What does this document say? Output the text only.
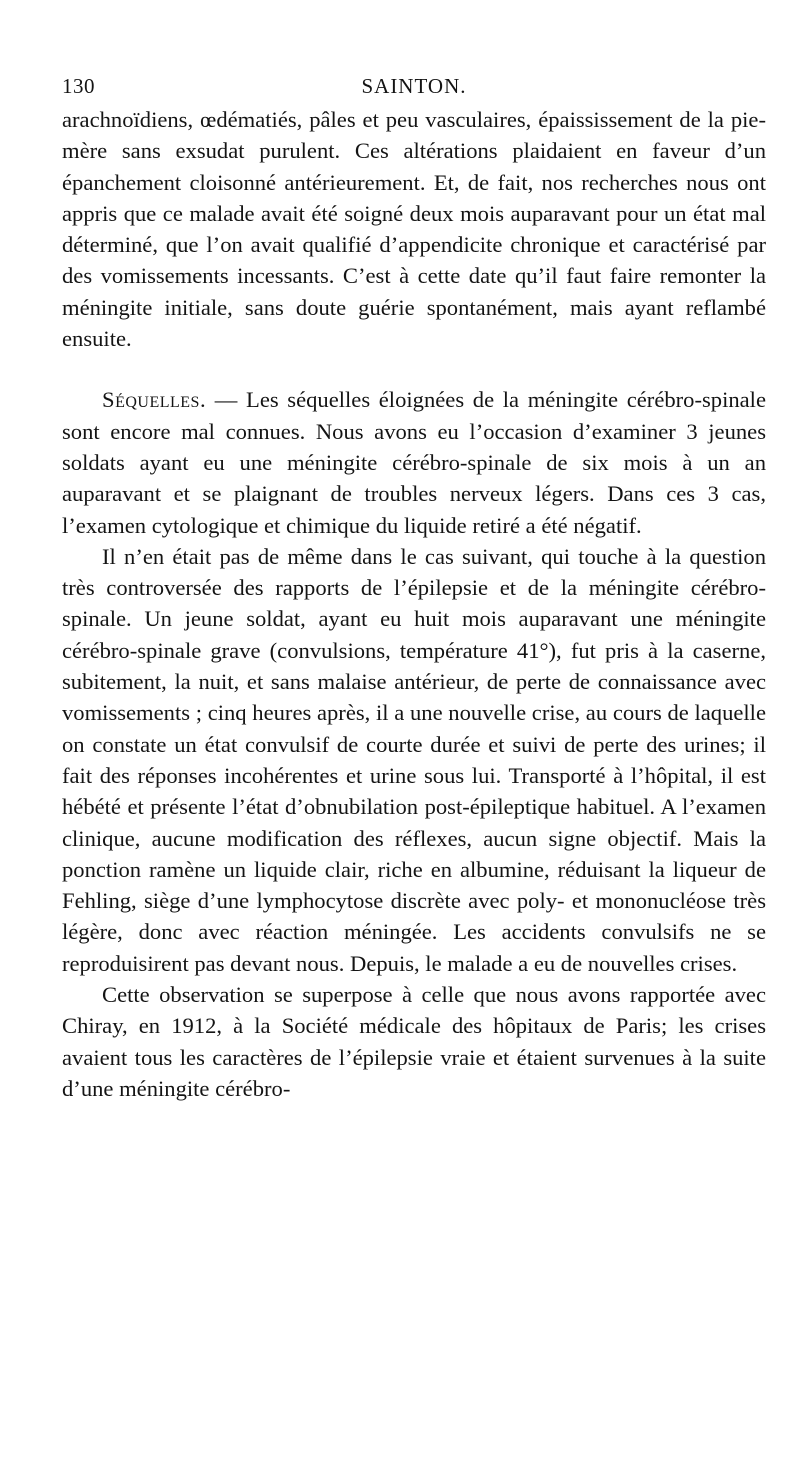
130	SAINTON.

arachnoïdiens, œdématiés, pâles et peu vasculaires, épaississement de la pie-mère sans exsudat purulent. Ces altérations plaidaient en faveur d’un épanchement cloisonné antérieurement. Et, de fait, nos recherches nous ont appris que ce malade avait été soigné deux mois auparavant pour un état mal déterminé, que l’on avait qualifié d’appendicite chronique et caractérisé par des vomissements incessants. C’est à cette date qu’il faut faire remonter la méningite initiale, sans doute guérie spontanément, mais ayant reflambé ensuite.

Séquelles. — Les séquelles éloignées de la méningite cérébro-spinale sont encore mal connues. Nous avons eu l’occasion d’examiner 3 jeunes soldats ayant eu une méningite cérébro-spinale de six mois à un an auparavant et se plaignant de troubles nerveux légers. Dans ces 3 cas, l’examen cytologique et chimique du liquide retiré a été négatif.

Il n’en était pas de même dans le cas suivant, qui touche à la question très controversée des rapports de l’épilepsie et de la méningite cérébro-spinale. Un jeune soldat, ayant eu huit mois auparavant une méningite cérébro-spinale grave (convulsions, température 41°), fut pris à la caserne, subitement, la nuit, et sans malaise antérieur, de perte de connaissance avec vomissements ; cinq heures après, il a une nouvelle crise, au cours de laquelle on constate un état convulsif de courte durée et suivi de perte des urines; il fait des réponses incohérentes et urine sous lui. Transporté à l’hôpital, il est hébété et présente l’état d’obnubilation post-épileptique habituel. A l’examen clinique, aucune modification des réflexes, aucun signe objectif. Mais la ponction ramène un liquide clair, riche en albumine, réduisant la liqueur de Fehling, siège d’une lymphocytose discrète avec poly- et mononucléose très légère, donc avec réaction méningée. Les accidents convulsifs ne se reproduisirent pas devant nous. Depuis, le malade a eu de nouvelles crises.

Cette observation se superpose à celle que nous avons rapportée avec Chiray, en 1912, à la Société médicale des hôpitaux de Paris; les crises avaient tous les caractères de l’épilepsie vraie et étaient survenues à la suite d’une méningite cérébro-
